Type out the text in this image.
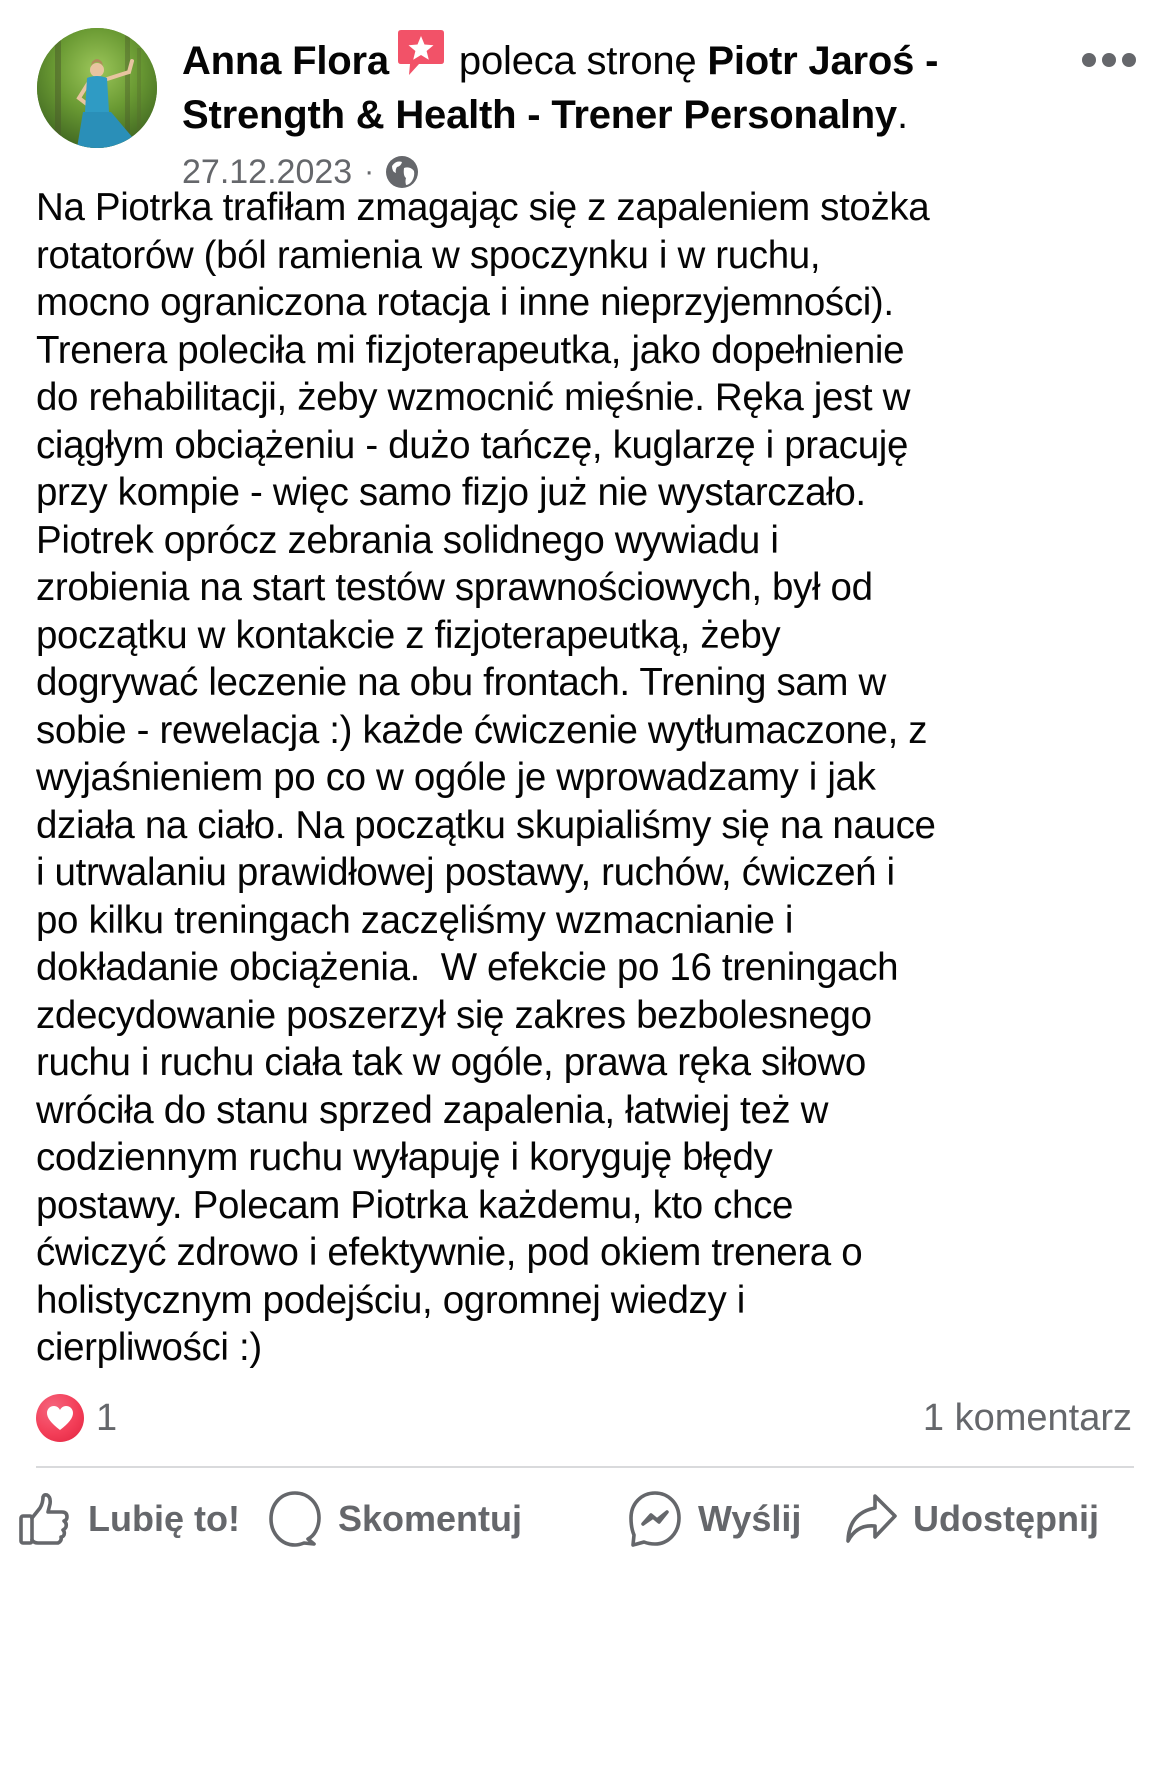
Anna Flora poleca stronę Piotr Jaroś -
Strength & Health - Trener Personalny.
27.12.2023 ·
Na Piotrka trafiłam zmagając się z zapaleniem stożka
rotatorów (ból ramienia w spoczynku i w ruchu,
mocno ograniczona rotacja i inne nieprzyjemności).
Trenera poleciła mi fizjoterapeutka, jako dopełnienie
do rehabilitacji, żeby wzmocnić mięśnie. Ręka jest w
ciągłym obciążeniu - dużo tańczę, kuglarzę i pracuję
przy kompie - więc samo fizjo już nie wystarczało.
Piotrek oprócz zebrania solidnego wywiadu i
zrobienia na start testów sprawnościowych, był od
początku w kontakcie z fizjoterapeutką, żeby
dogrywać leczenie na obu frontach. Trening sam w
sobie - rewelacja :) każde ćwiczenie wytłumaczone, z
wyjaśnieniem po co w ogóle je wprowadzamy i jak
działa na ciało. Na początku skupialiśmy się na nauce
i utrwalaniu prawidłowej postawy, ruchów, ćwiczeń i
po kilku treningach zaczęliśmy wzmacnianie i
dokładanie obciążenia.  W efekcie po 16 treningach
zdecydowanie poszerzył się zakres bezbolesnego
ruchu i ruchu ciała tak w ogóle, prawa ręka siłowo
wróciła do stanu sprzed zapalenia, łatwiej też w
codziennym ruchu wyłapuję i koryguję błędy
postawy. Polecam Piotrka każdemu, kto chce
ćwiczyć zdrowo i efektywnie, pod okiem trenera o
holistycznym podejściu, ogromnej wiedzy i
cierpliwości :)
1	1 komentarz
Lubię to!	Skomentuj	Wyślij	Udostępnij
